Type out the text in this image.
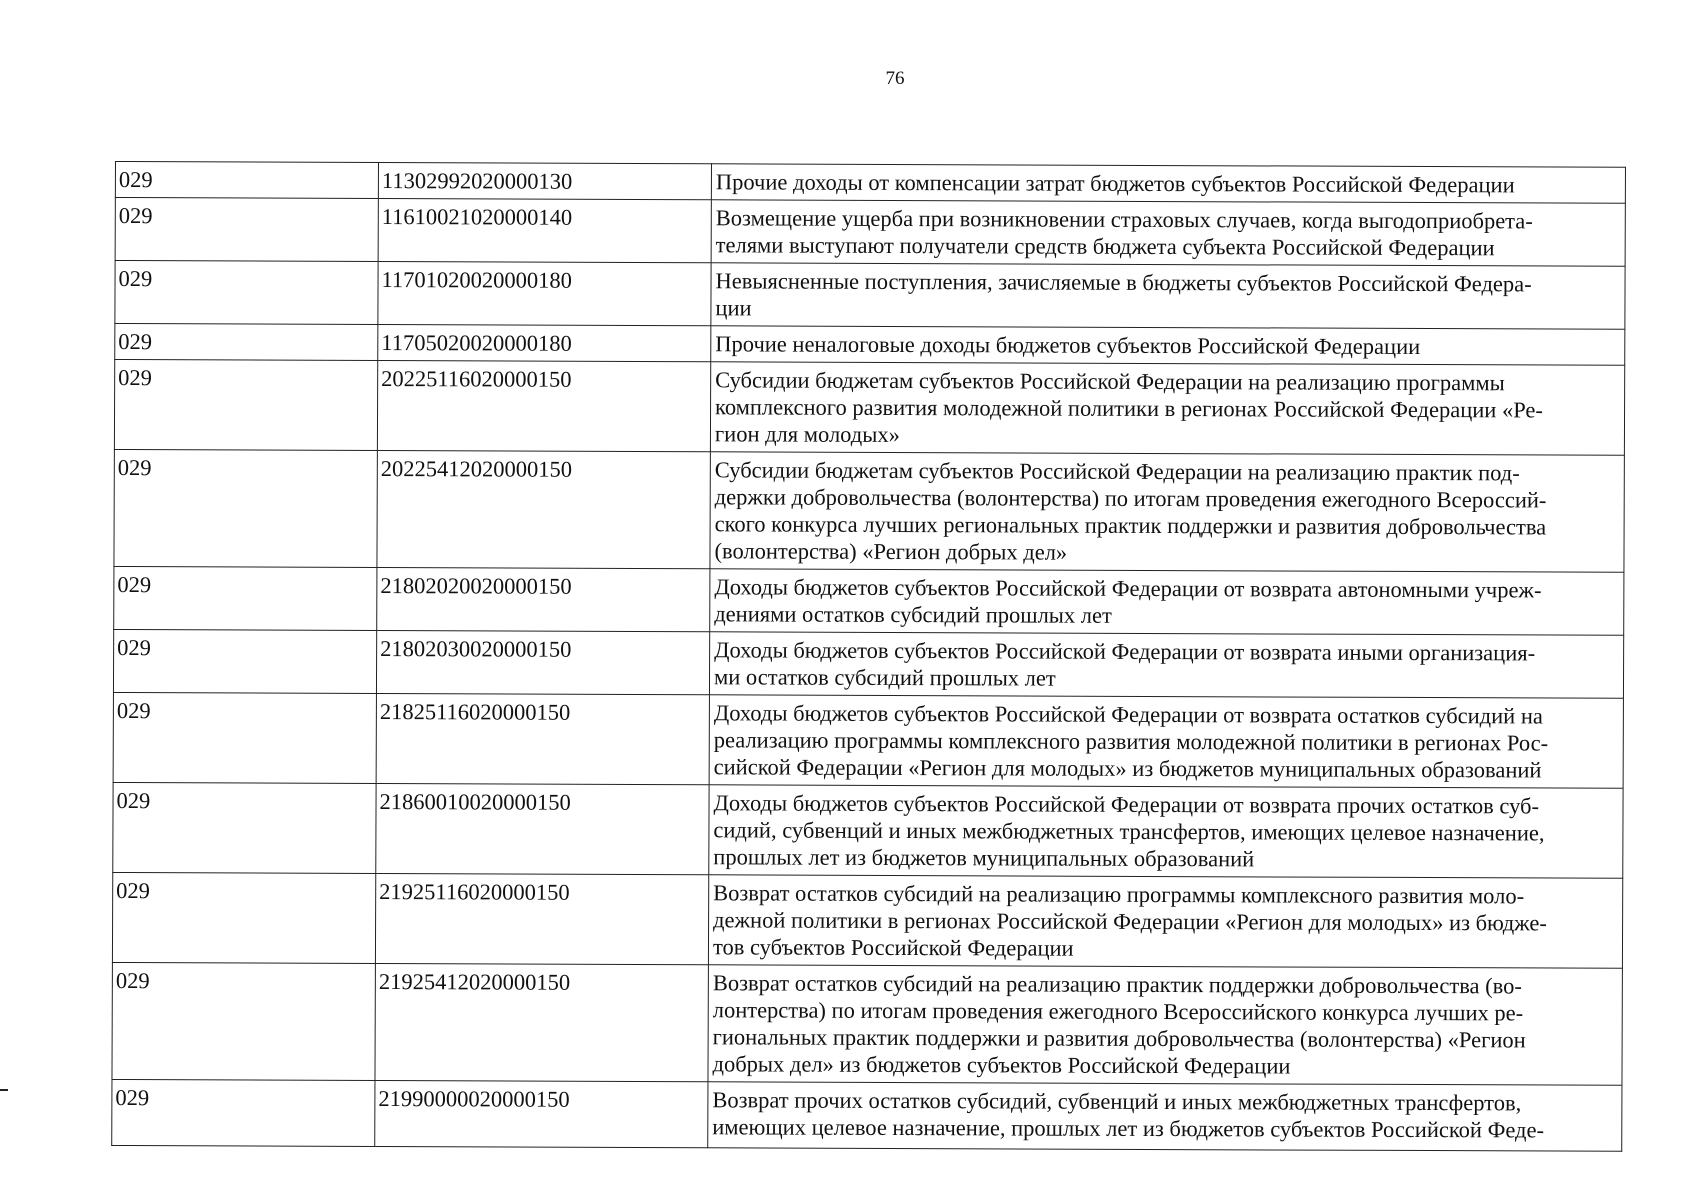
76
029	11302992020000130	Прочие доходы от компенсации затрат бюджетов субъектов Российской Федерации

029	11610021020000140	Возмещение ущерба при возникновении страховых случаев, когда выгодоприобрета-
телями выступают получатели средств бюджета субъекта Российской Федерации

029	11701020020000180	Невыясненные поступления, зачисляемые в бюджеты субъектов Российской Федера-
ции

029	11705020020000180	Прочие неналоговые доходы бюджетов субъектов Российской Федерации

029	20225116020000150	Субсидии бюджетам субъектов Российской Федерации на реализацию программы
комплексного развития молодежной политики в регионах Российской Федерации «Ре-
гион для молодых»

029	20225412020000150	Субсидии бюджетам субъектов Российской Федерации на реализацию практик под-
держки добровольчества (волонтерства) по итогам проведения ежегодного Всероссий-
ского конкурса лучших региональных практик поддержки и развития добровольчества
(волонтерства) «Регион добрых дел»

029	21802020020000150	Доходы бюджетов субъектов Российской Федерации от возврата автономными учреж-
дениями остатков субсидий прошлых лет

029	21802030020000150	Доходы бюджетов субъектов Российской Федерации от возврата иными организация-
ми остатков субсидий прошлых лет

029	21825116020000150	Доходы бюджетов субъектов Российской Федерации от возврата остатков субсидий на
реализацию программы комплексного развития молодежной политики в регионах Рос-
сийской Федерации «Регион для молодых» из бюджетов муниципальных образований

029	21860010020000150	Доходы бюджетов субъектов Российской Федерации от возврата прочих остатков суб-
сидий, субвенций и иных межбюджетных трансфертов, имеющих целевое назначение,
прошлых лет из бюджетов муниципальных образований

029	21925116020000150	Возврат остатков субсидий на реализацию программы комплексного развития моло-
дежной политики в регионах Российской Федерации «Регион для молодых» из бюдже-
тов субъектов Российской Федерации

029	21925412020000150	Возврат остатков субсидий на реализацию практик поддержки добровольчества (во-
лонтерства) по итогам проведения ежегодного Всероссийского конкурса лучших ре-
гиональных практик поддержки и развития добровольчества (волонтерства) «Регион
добрых дел» из бюджетов субъектов Российской Федерации

029	21990000020000150	Возврат прочих остатков субсидий, субвенций и иных межбюджетных трансфертов,
имеющих целевое назначение, прошлых лет из бюджетов субъектов Российской Феде-
